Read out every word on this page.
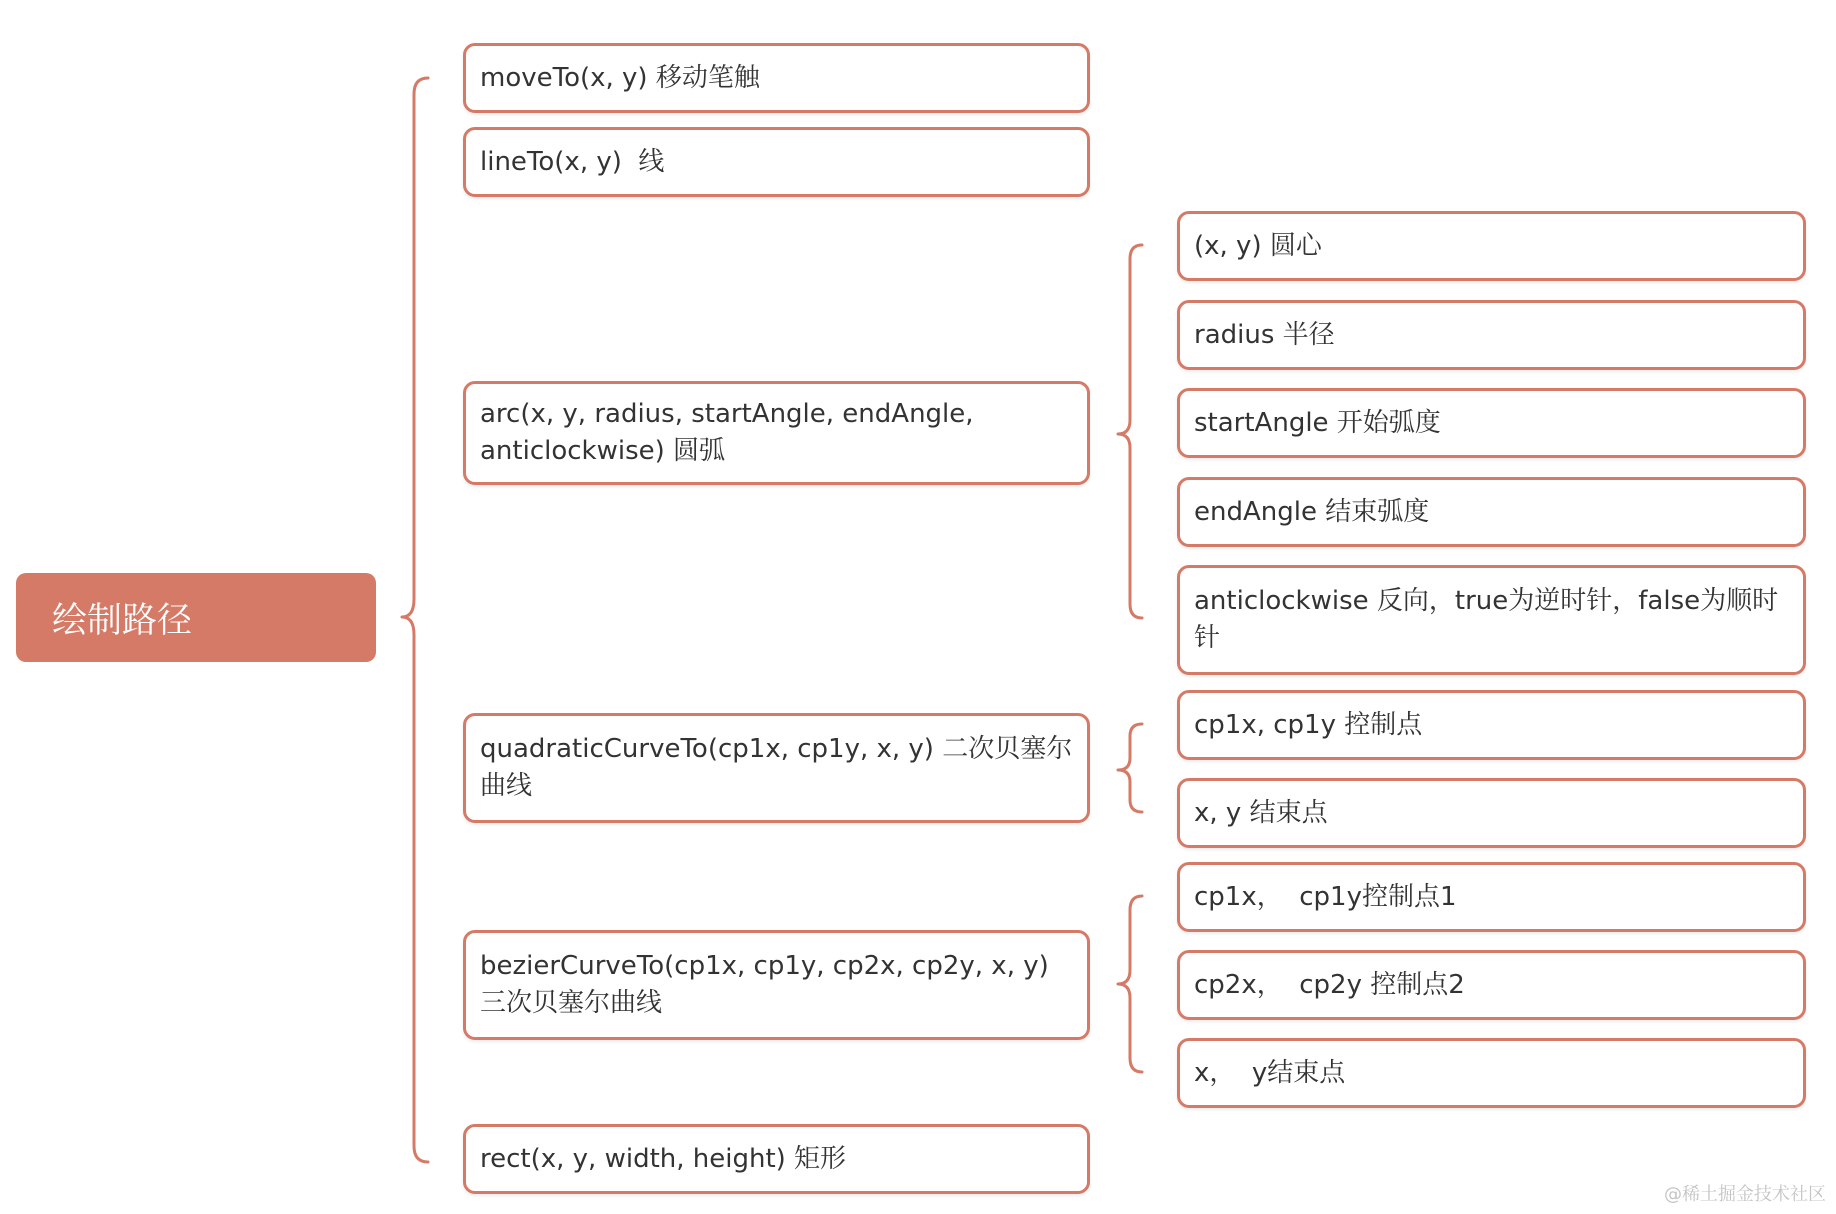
绘制路径
moveTo(x, y) 移动笔触
lineTo(x, y)  线
arc(x, y, radius, startAngle, endAngle, anticlockwise) 圆弧
quadraticCurveTo(cp1x, cp1y, x, y) 二次贝塞尔曲线
bezierCurveTo(cp1x, cp1y, cp2x, cp2y, x, y) 三次贝塞尔曲线
rect(x, y, width, height) 矩形
(x, y) 圆心
radius 半径
startAngle 开始弧度
endAngle 结束弧度
anticlockwise 反向，true为逆时针，false为顺时针
cp1x, cp1y 控制点
x, y 结束点
cp1x，  cp1y控制点1
cp2x，  cp2y 控制点2
x，  y结束点
@稀土掘金技术社区
